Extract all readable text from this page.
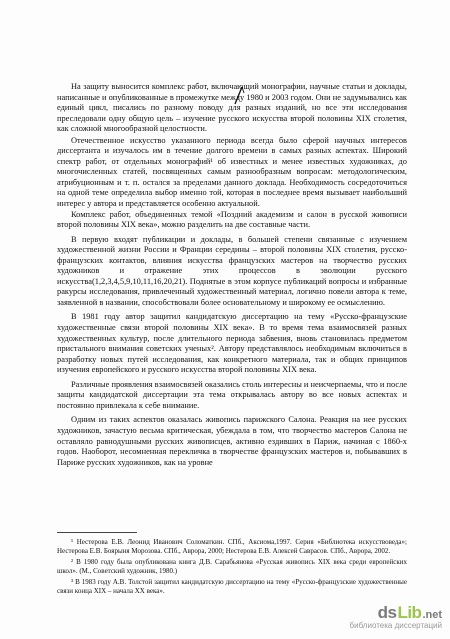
На защиту выносится комплекс работ, включающий монографии, научные статьи и доклады, написанные и опубликованные в промежутке между 1980 и 2003 годом. Они не задумывались как единый цикл, писались по разному поводу для разных изданий, но все эти исследования преследовали одну общую цель – изучение русского искусства второй половины XIX столетия, как сложной многообразной целостности.

Отечественное искусство указанного периода всегда было сферой научных интересов диссертанта и изучалось им в течение долгого времени в самых разных аспектах. Широкий спектр работ, от отдельных монографий¹ об известных и менее известных художниках, до многочисленных статей, посвященных самым разнообразным вопросам: методологическим, атрибуционным и т. п. остался за пределами данного доклада. Необходимость сосредоточиться на одной теме определила выбор именно той, которая в последнее время вызывает наибольший интерес у автора и представляется особенно актуальной.

Комплекс работ, объединенных темой «Поздний академизм и салон в русской живописи второй половины XIX века», можно разделить на две составные части.

В первую входят публикации и доклады, в большей степени связанные с изучением художественной жизни России и Франции середины – второй половины XIX столетия, русско-французских контактов, влияния искусства французских мастеров на творчество русских художников и отражение этих процессов в эволюции русского искусства(1,2,3,4,5,9,10,11,16,20,21). Поднятые в этом корпусе публикаций вопросы и избранные ракурсы исследования, привлеченный художественный материал, логично повели автора к теме, заявленной в названии, способствовали более основательному и широкому ее осмыслению.

В 1981 году автор защитил кандидатскую диссертацию на тему «Русско-французские художественные связи второй половины XIX века». В то время тема взаимосвязей разных художественных культур, после длительного периода забвения, вновь становилась предметом пристального внимания советских ученых². Автору представлялось необходимым включиться в разработку новых путей исследования, как конкретного материала, так и общих принципов изучения европейского и русского искусства второй половины XIX века.

Различные проявления взаимосвязей оказались столь интересны и неисчерпаемы, что и после защиты кандидатской диссертации эта тема открывалась автору во все новых аспектах и постоянно привлекала к себе внимание.

Одним из таких аспектов оказалась живопись парижского Салона. Реакция на нее русских художников, зачастую весьма критическая, убеждала в том, что творчество мастеров Салона не оставляло равнодушными русских живописцев, активно ездивших в Париж, начиная с 1860-х годов. Наоборот, несомненная перекличка в творчестве французских мастеров и, побывавших в Париже русских художников, как на уровне

¹ Нестерова Е.В. Леонид Иванович Соломаткин. СПб., Аксиома,1997. Серия «Библиотека искусствоведа»; Нестерова Е.В. Боярыня Морозова. СПб., Аврора, 2000; Нестерова Е.В. Алексей Саврасов. СПб., Аврора, 2002.

² В 1980 году была опубликована книга Д.В. Сарабьянова «Русская живопись XIX века среди европейских школ». (М., Советский художник, 1980.)

³ В 1983 году А.В. Толстой защитил кандидатскую диссертацию на тему «Русско-французские художественные связи конца XIX – начала XX века».

ds Lib .net
библиотека диссертаций
